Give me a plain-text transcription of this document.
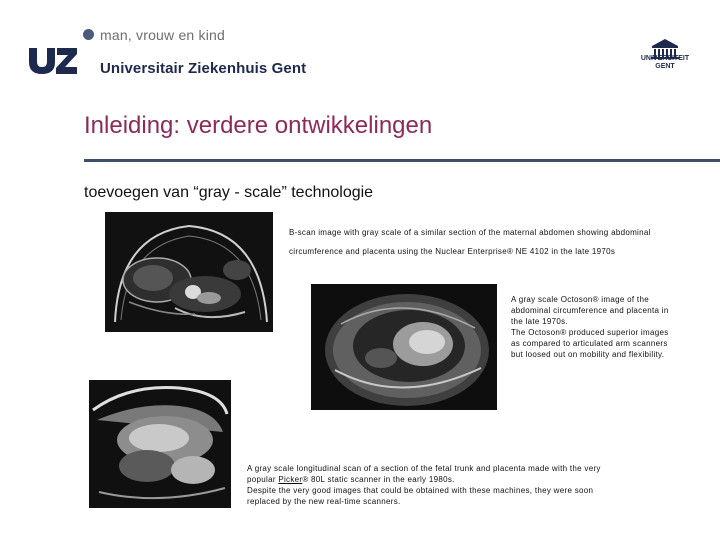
man, vrouw en kind
Universitair Ziekenhuis Gent
UNIVERSITEIT
GENT
Inleiding: verdere ontwikkelingen
toevoegen van “gray - scale” technologie
B-scan image with gray scale of a similar section of the maternal abdomen showing abdominal circumference and placenta using the Nuclear Enterprise® NE 4102 in the late 1970s
A gray scale Octoson® image of the abdominal circumference and placenta in the late 1970s.
The Octoson® produced superior images as compared to articulated arm scanners but loosed out on mobility and flexibility.
A gray scale longitudinal scan of a section of the fetal trunk and placenta made with the very popular Picker® 80L static scanner in the early 1980s.
Despite the very good images that could be obtained with these machines, they were soon replaced by the new real-time scanners.
